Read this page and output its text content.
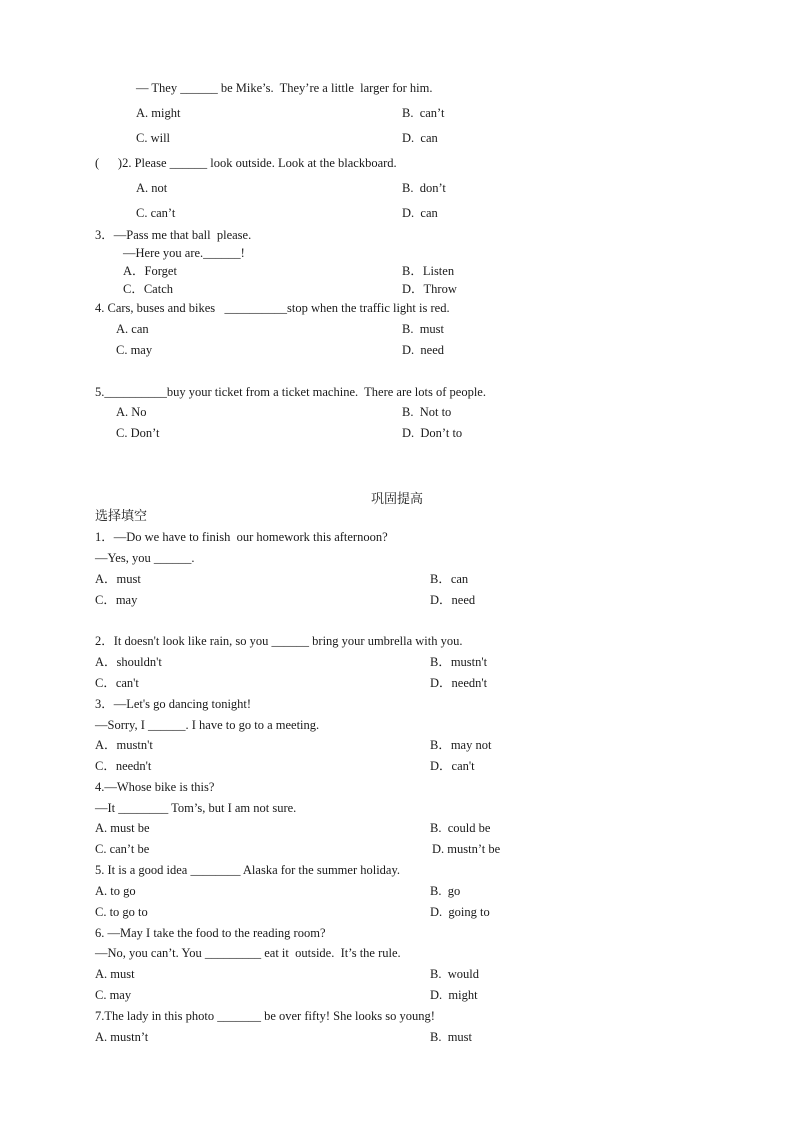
— They ______ be Mike’s.  They’re a little  larger for him.
A. might	B.  can’t
C. will	D.  can
(      )2. Please ______ look outside. Look at the blackboard.
A. not	B.  don’t
C. can’t	D.  can
3．—Pass me that ball  please.
—Here you are.______!
A．Forget	B．Listen
C．Catch	D．Throw
4. Cars, buses and bikes   __________stop when the traffic light is red.
A. can	B.  must
C. may	D.  need
5.__________buy your ticket from a ticket machine.  There are lots of people.
A. No	B.  Not to
C. Don’t	D.  Don’t to
巩固提高
选择填空
1．—Do we have to finish  our homework this afternoon?
—Yes, you ______.
A．must	B．can
C．may	D．need
2．It doesn't look like rain, so you ______ bring your umbrella with you.
A．shouldn't	B．mustn't
C．can't	D．needn't
3．—Let's go dancing tonight!
—Sorry, I ______. I have to go to a meeting.
A．mustn't	B．may not
C．needn't	D．can't
4.—Whose bike is this?
—It ________ Tom’s, but I am not sure.
A. must be	B.  could be
C. can’t be	D. mustn’t be
5. It is a good idea ________ Alaska for the summer holiday.
A. to go	B.  go
C. to go to	D.  going to
6. —May I take the food to the reading room?
—No, you can’t. You _________ eat it  outside.  It’s the rule.
A. must	B.  would
C. may	D.  might
7.The lady in this photo _______ be over fifty! She looks so young!
A. mustn’t	B.  must
